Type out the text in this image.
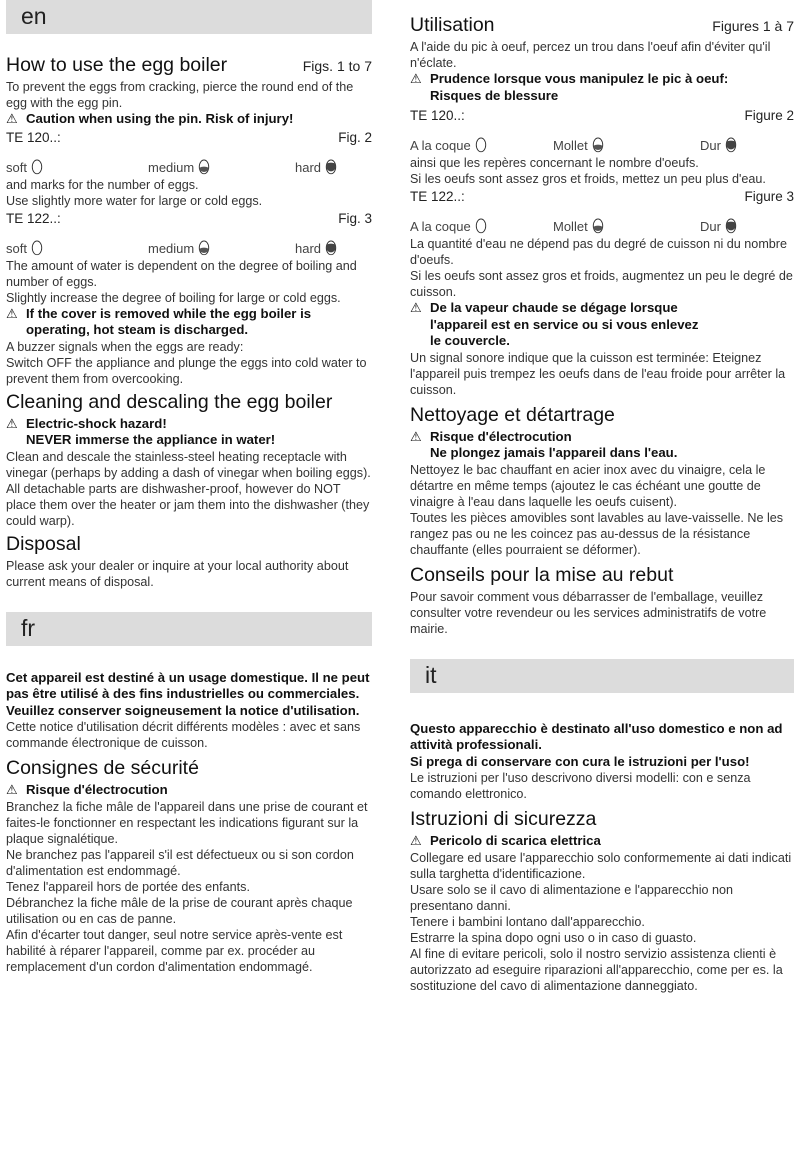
en
How to use the egg boiler	Figs. 1 to 7

To prevent the eggs from cracking, pierce the round end of the egg with the egg pin.

⚠ Caution when using the pin. Risk of injury!
TE 120..:	Fig. 2
soft	medium	hard

and marks for the number of eggs.

Use slightly more water for large or cold eggs.

TE 122..:	Fig. 3
soft	medium	hard

The amount of water is dependent on the degree of boiling and number of eggs.

Slightly increase the degree of boiling for large or cold eggs.

⚠ If the cover is removed while the egg boiler is
operating, hot steam is discharged.

A buzzer signals when the eggs are ready:

Switch OFF the appliance and plunge the eggs into cold water to prevent them from overcooking.

Cleaning and descaling the egg boiler
⚠ Electric-shock hazard!
NEVER immerse the appliance in water!

Clean and descale the stainless-steel heating receptacle with vinegar (perhaps by adding a dash of vinegar when boiling eggs).

All detachable parts are dishwasher-proof, however do NOT place them over the heater or jam them into the dishwasher (they could warp).

Disposal

Please ask your dealer or inquire at your local authority about current means of disposal.

fr

Cet appareil est destiné à un usage domestique. Il ne peut pas être utilisé à des fins industrielles ou commerciales.

Veuillez conserver soigneusement la notice d'utilisation.

Cette notice d'utilisation décrit différents modèles : avec et sans commande électronique de cuisson.

Consignes de sécurité
⚠ Risque d'électrocution

Branchez la fiche mâle de l'appareil dans une prise de courant et faites-le fonctionner en respectant les indications figurant sur la plaque signalétique.

Ne branchez pas l'appareil s'il est défectueux ou si son cordon d'alimentation est endommagé.

Tenez l'appareil hors de portée des enfants.

Débranchez la fiche mâle de la prise de courant après chaque utilisation ou en cas de panne.

Afin d'écarter tout danger, seul notre service après-vente est habilité à réparer l'appareil, comme par ex. procéder au remplacement d'un cordon d'alimentation endommagé.

Utilisation	Figures 1 à 7

A l'aide du pic à oeuf, percez un trou dans l'oeuf afin d'éviter qu'il n'éclate.

⚠ Prudence lorsque vous manipulez le pic à oeuf:
Risques de blessure
TE 120..:	Figure 2
A la coque	Mollet	Dur

ainsi que les repères concernant le nombre d'oeufs.

Si les oeufs sont assez gros et froids, mettez un peu plus d'eau.

TE 122..:	Figure 3
A la coque	Mollet	Dur

La quantité d'eau ne dépend pas du degré de cuisson ni du nombre d'oeufs.

Si les oeufs sont assez gros et froids, augmentez un peu le degré de cuisson.

⚠ De la vapeur chaude se dégage lorsque
l'appareil est en service ou si vous enlevez
le couvercle.

Un signal sonore indique que la cuisson est terminée: Eteignez l'appareil puis trempez les oeufs dans de l'eau froide pour arrêter la cuisson.

Nettoyage et détartrage
⚠ Risque d'électrocution
Ne plongez jamais l'appareil dans l'eau.

Nettoyez le bac chauffant en acier inox avec du vinaigre, cela le détartre en même temps (ajoutez le cas échéant une goutte de vinaigre à l'eau dans laquelle les oeufs cuisent).

Toutes les pièces amovibles sont lavables au lave-vaisselle. Ne les rangez pas ou ne les coincez pas au-dessus de la résistance chauffante (elles pourraient se déformer).

Conseils pour la mise au rebut

Pour savoir comment vous débarrasser de l'emballage, veuillez consulter votre revendeur ou les services administratifs de votre mairie.

it

Questo apparecchio è destinato all'uso domestico e non ad attività professionali.

Si prega di conservare con cura le istruzioni per l'uso!

Le istruzioni per l'uso descrivono diversi modelli: con e senza comando elettronico.

Istruzioni di sicurezza
⚠ Pericolo di scarica elettrica

Collegare ed usare l'apparecchio solo conformemente ai dati indicati sulla targhetta d'identificazione.

Usare solo se il cavo di alimentazione e l'apparecchio non presentano danni.

Tenere i bambini lontano dall'apparecchio.

Estrarre la spina dopo ogni uso o in caso di guasto.

Al fine di evitare pericoli, solo il nostro servizio assistenza clienti è autorizzato ad eseguire riparazioni all'apparecchio, come per es. la sostituzione del cavo di alimentazione danneggiato.
